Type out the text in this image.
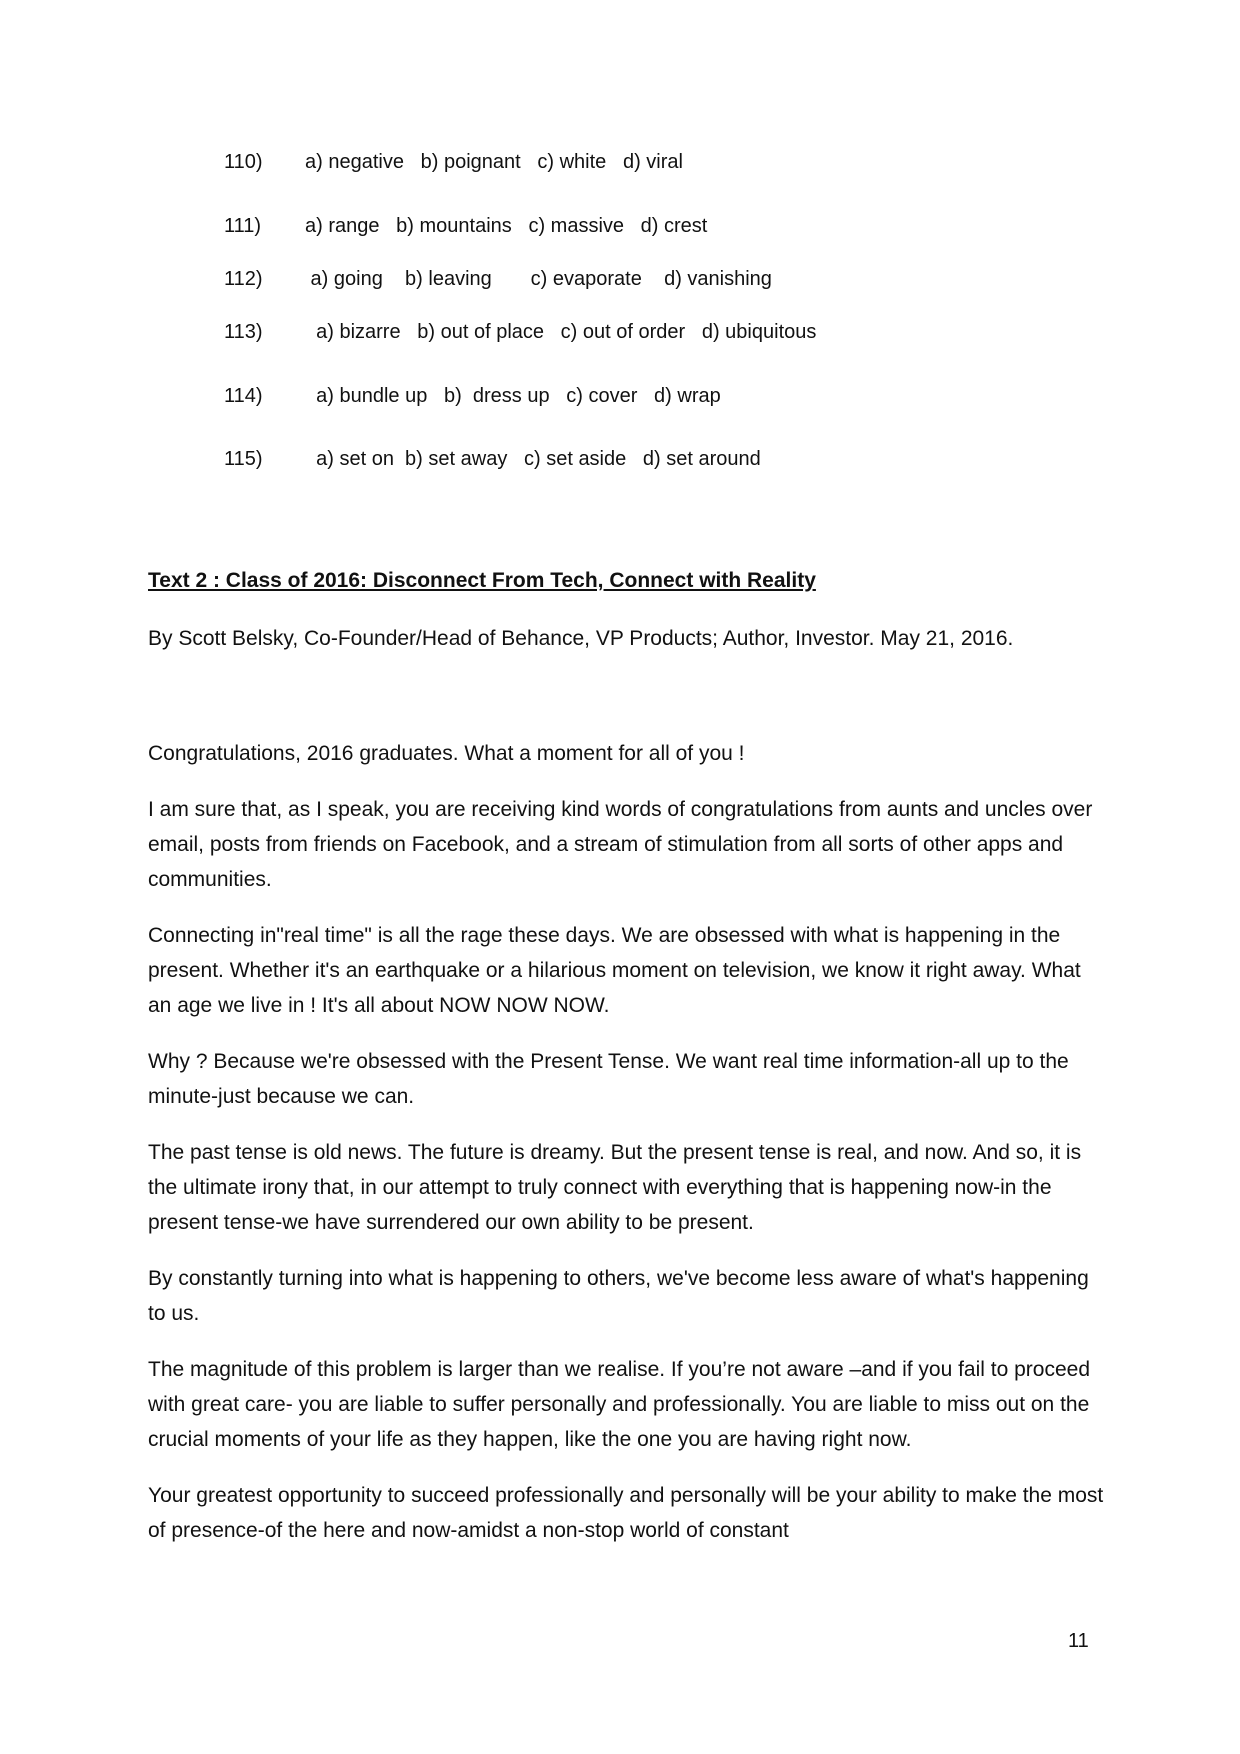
110) a) negative   b) poignant   c) white   d) viral
111) a) range   b) mountains   c) massive   d) crest
112) a) going    b) leaving       c) evaporate    d) vanishing
113)  a) bizarre   b) out of place   c) out of order   d) ubiquitous
114)  a) bundle up   b)  dress up   c) cover   d) wrap
115)  a) set on  b) set away   c) set aside   d) set around
Text 2 : Class of 2016: Disconnect From Tech, Connect with Reality
By Scott Belsky, Co-Founder/Head of Behance, VP Products; Author, Investor. May 21, 2016.

Congratulations, 2016 graduates. What a moment for all of you !

I am sure that, as I speak, you are receiving kind words of congratulations from aunts and uncles over email, posts from friends on Facebook, and a stream of stimulation from all sorts of other apps and communities.

Connecting in"real time" is all the rage these days. We are obsessed with what is happening in the present. Whether it's an earthquake or a hilarious moment on television, we know it right away. What an age we live in ! It's all about NOW NOW NOW.

Why ? Because we're obsessed with the Present Tense. We want real time information-all up to the minute-just because we can.

The past tense is old news. The future is dreamy. But the present tense is real, and now. And so, it is the ultimate irony that, in our attempt to truly connect with everything that is happening now-in the present tense-we have surrendered our own ability to be present.

By constantly turning into what is happening to others, we've become less aware of what's happening to us.

The magnitude of this problem is larger than we realise. If you’re not aware –and if you fail to proceed with great care- you are liable to suffer personally and professionally. You are liable to miss out on the crucial moments of your life as they happen, like the one you are having right now.

Your greatest opportunity to succeed professionally and personally will be your ability to make the most of presence-of the here and now-amidst a non-stop world of constant

11
